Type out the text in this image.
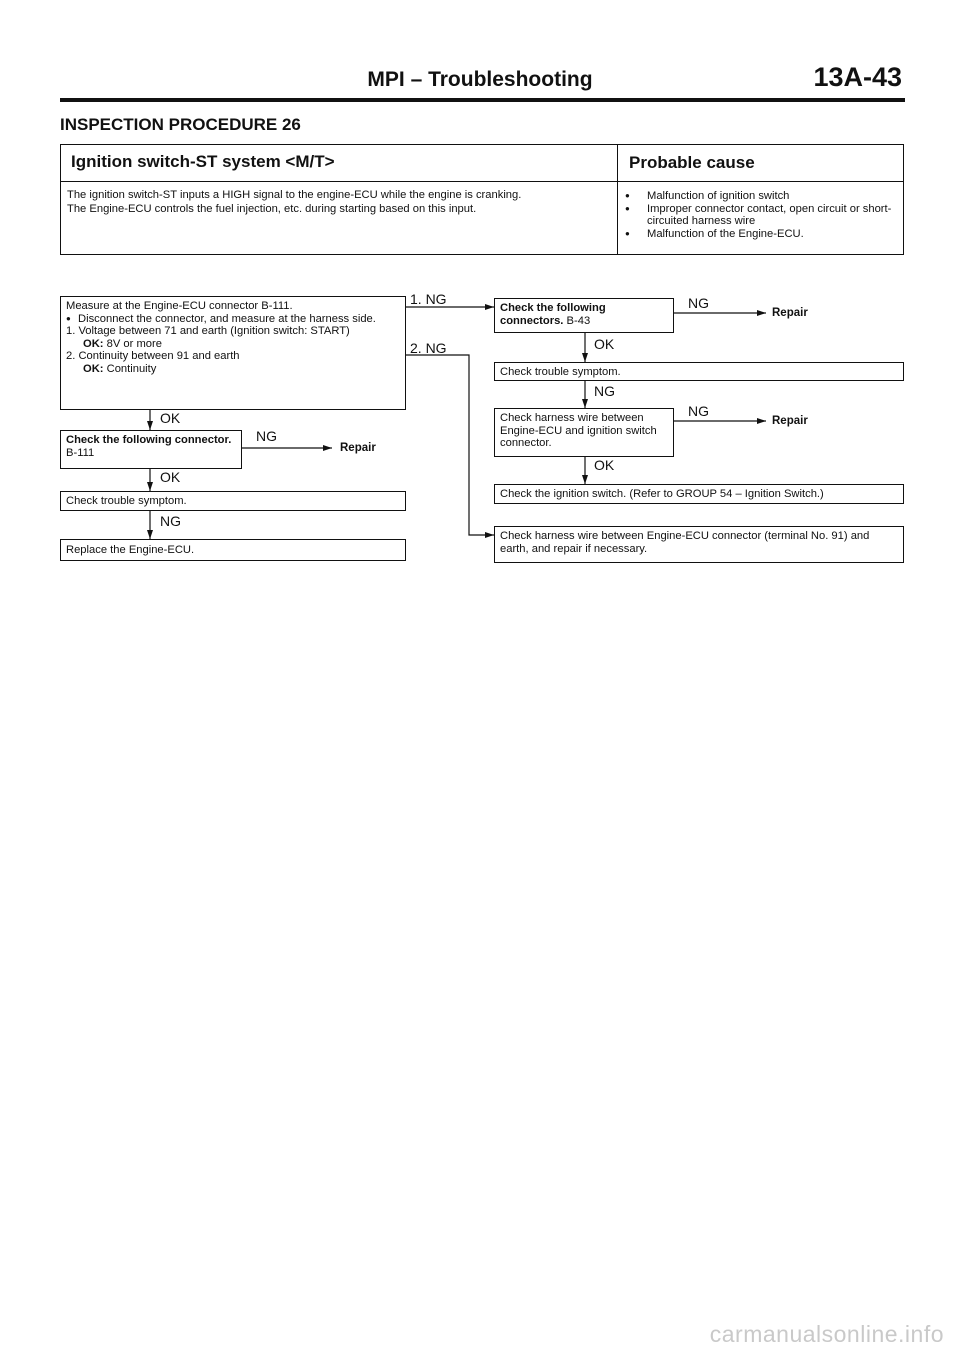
MPI – Troubleshooting	13A-43
INSPECTION PROCEDURE 26
Ignition switch-ST system <M/T>	Probable cause
The ignition switch-ST inputs a HIGH signal to the engine-ECU while the engine is cranking.
The Engine-ECU controls the fuel injection, etc. during starting based on this input.
● Malfunction of ignition switch
● Improper connector contact, open circuit or short-circuited harness wire
● Malfunction of the Engine-ECU.
Measure at the Engine-ECU connector B-111.
● Disconnect the connector, and measure at the harness side.
1. Voltage between 71 and earth (Ignition switch: START)
OK: 8V or more
2. Continuity between 91 and earth
OK: Continuity
OK
Check the following connector. B-111
NG
Repair
OK
Check trouble symptom.
NG
Replace the Engine-ECU.
1. NG
2. NG
Check the following connectors. B-43
NG
Repair
OK
Check trouble symptom.
NG
Check harness wire between Engine-ECU and ignition switch connector.
NG
Repair
OK
Check the ignition switch. (Refer to GROUP 54 – Ignition Switch.)
Check harness wire between Engine-ECU connector (terminal No. 91) and earth, and repair if necessary.
carmanualsonline.info
